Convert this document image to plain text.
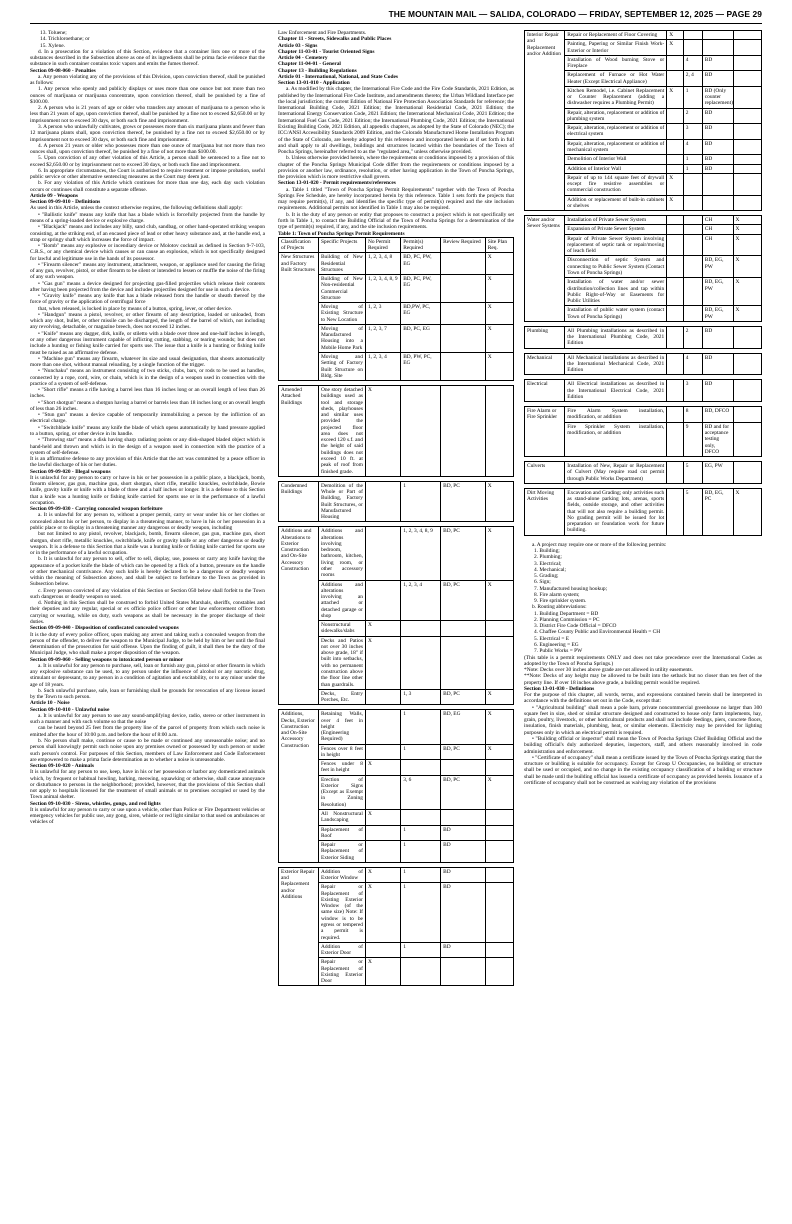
THE MOUNTAIN MAIL — SALIDA, COLORADO — FRIDAY, SEPTEMBER 12, 2025 — PAGE 29

13. Toluene;

14. Trichloroethane; or

15. Xylene.

d. In a prosecution for a violation of this Section, evidence that a container lists one or more of the substances described in the Subsection above as one of its ingredients shall be prima facie evidence that the substance in such container contains toxic vapors and emits the fumes thereof.

Section 09-08-060 - Penalties

a. Any person violating any of the provisions of this Division, upon conviction thereof, shall be punished as follows:

1. Any person who openly and publicly displays or uses more than one ounce but not more than two ounces of marijuana or marijuana concentrate, upon conviction thereof, shall be punished by a fine of $100.00.

2. A person who is 21 years of age or older who transfers any amount of marijuana to a person who is less than 21 years of age, upon conviction thereof, shall be punished by a fine not to exceed $2,650.00 or by imprisonment not to exceed 30 days, or both such fine and imprisonment.

3. A person who unlawfully cultivates, grows or possesses more than six marijuana plants and fewer than 12 marijuana plants shall, upon conviction thereof, be punished by a fine not to exceed $2,650.00 or by imprisonment not to exceed 30 days, or both such fine and imprisonment.

4. A person 21 years or older who possesses more than one ounce of marijuana but not more than two ounces shall, upon conviction thereof, be punished by a fine of not more than $100.00.

5. Upon conviction of any other violation of this Article, a person shall be sentenced to a fine not to exceed $2,650.00 or by imprisonment not to exceed 30 days, or both such fine and imprisonment.

6. In appropriate circumstances, the Court is authorized to require treatment or impose probation, useful public service or other alternative sentencing measures as the Court may deem just.

b. For any violation of this Article which continues for more than one day, each day such violation occurs or continues shall constitute a separate offense.

Article 09 - Weapons

Section 09-09-010 - Definitions

As used in this Article, unless the context otherwise requires, the following definitions shall apply:

• "Ballistic knife" means any knife that has a blade which is forcefully projected from the handle by means of a spring-loaded device or explosive charge.

• "Blackjack" means and includes any billy, sand club, sandbag, or other hand-operated striking weapon consisting, at the striking end, of an encased piece of lead or other heavy substance and, at the handle end, a strap or springy shaft which increases the force of impact.

• "Bomb" means any explosive or incendiary device or Molotov cocktail as defined in Section 9-7-103, C.R.S., or any chemical device which causes or can cause an explosion, which is not specifically designed for lawful and legitimate use in the hands of its possessor.

• "Firearm silencer" means any instrument, attachment, weapon, or appliance used for causing the firing of any gun, revolver, pistol, or other firearm to be silent or intended to lessen or muffle the noise of the firing of any such weapon.

• "Gas gun" means a device designed for projecting gas-filled projectiles which release their contents after having been projected from the device and includes projectiles designed for use in such a device.

• "Gravity knife" means any knife that has a blade released from the handle or sheath thereof by the force of gravity or the application of centrifugal force

that, when released, is locked in place by means of a button, spring, lever, or other device.

• "Handgun" means a pistol, revolver, or other firearm of any description, loaded or unloaded, from which any shot, bullet, or other missile can be discharged, the length of the barrel of which, not including any revolving, detachable, or magazine breech, does not exceed 12 inches.

• "Knife" means any dagger, dirk, knife, or stiletto with a blade over three and one-half inches in length, or any other dangerous instrument capable of inflicting cutting, stabbing, or tearing wounds; but does not include a hunting or fishing knife carried for sports use. The issue that a knife is a hunting or fishing knife must be raised as an affirmative defense.

• "Machine gun" means any firearm, whatever its size and usual designation, that shoots automatically more than one shot, without manual reloading, by a single function of the trigger.

• "Nunchaku" means an instrument consisting of two sticks, clubs, bars, or rods to be used as handles, connected by a rope, cord, wire, or chain, which is in the design of a weapon used in connection with the practice of a system of self-defense.

• "Short rifle" means a rifle having a barrel less than 16 inches long or an overall length of less than 26 inches.

• "Short shotgun" means a shotgun having a barrel or barrels less than 18 inches long or an overall length of less than 26 inches.

• "Stun gun" means a device capable of temporarily immobilizing a person by the infliction of an electrical charge.

• "Switchblade knife" means any knife the blade of which opens automatically by hand pressure applied to a button, spring, or other device in its handle.

• "Throwing star" means a disk having sharp radiating points or any disk-shaped bladed object which is hand-held and thrown and which is in the design of a weapon used in connection with the practice of a system of self-defense.

It is an affirmative defense to any provision of this Article that the act was committed by a peace officer in the lawful discharge of his or her duties.

Section 09-09-020 - Illegal weapons

It is unlawful for any person to carry or have in his or her possession in a public place, a blackjack, bomb, firearm silencer, gas gun, machine gun, short shotgun, short rifle, metallic knuckles, switchblade, Bowie knife, gravity knife or knife with a blade of three and a half inches or longer. It is a defense to this Section that a knife was a hunting knife or fishing knife carried for sports use or in the performance of a lawful occupation.

Section 09-09-030 - Carrying concealed weapon forfeiture

a. It is unlawful for any person to, without a proper permit, carry or wear under his or her clothes or concealed about his or her person, to display in a threatening manner, to have in his or her possession in a public place or to display in a threatening manner any dangerous or deadly weapon, including

but not limited to any pistol, revolver, blackjack, bomb, firearm silencer, gas gun, machine gun, short shotgun, short rifle, metallic knuckles, switchblade, knife or gravity knife or any other dangerous or deadly weapon. It is a defense to this Section that a knife was a hunting knife or fishing knife carried for sports use or in the performance of a lawful occupation.

b. It is unlawful for any person to sell, offer to sell, display, use, possess or carry any knife having the appearance of a pocket knife the blade of which can be opened by a flick of a button, pressure on the handle or other mechanical contrivance. Any such knife is hereby declared to be a dangerous or deadly weapon within the meaning of Subsection above, and shall be subject to forfeiture to the Town as provided in Subsection below.

c. Every person convicted of any violation of this Section or Section 050 below shall forfeit to the Town such dangerous or deadly weapon so used.

d. Nothing in this Section shall be construed to forbid United States Marshals, sheriffs, constables and their deputies and any regular, special or ex officio police officer or other law enforcement officer from carrying or wearing, while on duty, such weapons as shall be necessary in the proper discharge of their duties.

Section 09-09-040 - Disposition of confiscated concealed weapons

It is the duty of every police officer, upon making any arrest and taking such a concealed weapon from the person of the offender, to deliver the weapon to the Municipal Judge, to be held by him or her until the final determination of the prosecution for said offense. Upon the finding of guilt, it shall then be the duty of the Municipal Judge, who shall make a proper disposition of the weapon.

Section 09-09-060 - Selling weapons to intoxicated person or minor

a. It is unlawful for any person to purchase, sell, loan or furnish any gun, pistol or other firearm in which any explosive substance can be used, to any person under the influence of alcohol or any narcotic drug, stimulant or depressant, to any person in a condition of agitation and excitability, or to any minor under the age of 18 years.

b. Such unlawful purchase, sale, loan or furnishing shall be grounds for revocation of any license issued by the Town to such person.

Article 10 - Noise

Section 09-10-010 - Unlawful noise

a. It is unlawful for any person to use any sound-amplifying device, radio, stereo or other instrument in such a manner and with such volume so that the noise

can be heard beyond 25 feet from the property line of the parcel of property from which such noise is emitted after the hour of 10:00 p.m. and before the hour of 8:00 a.m.

b. No person shall make, continue or cause to be made or continued any unreasonable noise; and no person shall knowingly permit such noise upon any premises owned or possessed by such person or under such person's control. For purposes of this Section, members of Law Enforcement and Code Enforcement are empowered to make a prima facie determination as to whether a noise is unreasonable.

Section 09-10-020 - Animals

It is unlawful for any person to use, keep, have in his or her possession or harbor any domesticated animals which, by frequent or habitual howling, barking, meowing, squawking or otherwise, shall cause annoyance or disturbance to persons in the neighborhood; provided, however, that the provisions of this Section shall not apply to hospitals licensed for the treatment of small animals or to premises occupied or used by the Town animal shelter.

Section 09-10-030 - Sirens, whistles, gongs, and red lights

It is unlawful for any person to carry or use upon a vehicle, other than Police or Fire Department vehicles or emergency vehicles for public use, any gong, siren, whistle or red light similar to that used on ambulances or vehicles of

Law Enforcement and Fire Departments.

Chapter 11 - Streets, Sidewalks and Public Places

Article 03 - Signs

Chapter 11-03-01 - Tourist Oriented Signs

Article 04 - Cemetery

Chapter 11-04-01 - General

Chapter 13 - Building Regulations

Article 01 - International, National, and State Codes

Section 13-01-010 - Application

a. As modified by this chapter, the International Fire Code and the Fire Code Standards, 2021 Edition, as published by the International Fire Code Institute, and amendments thereto; the Urban Wildland Interface per the local jurisdiction; the current Edition of National Fire Protection Association Standards for reference; the International Building Code, 2021 Edition; the International Residential Code, 2021 Edition; the International Energy Conservation Code, 2021 Edition; the International Mechanical Code, 2021 Edition; the International Fuel Gas Code, 2021 Edition; the International Plumbing Code, 2021 Edition; the International Existing Building Code, 2021 Edition, all appendix chapters, as adopted by the State of Colorado (NEC); the ICC/ANSI Accessibility Standards 2009 Edition, and the Colorado Manufactured Home Installation Program of the State of Colorado, are hereby adopted by this reference and incorporated herein as if set forth in full and shall apply to all dwellings, buildings and structures located within the boundaries of the Town of Poncha Springs, hereinafter referred to as the "regulated area," unless otherwise provided.

b. Unless otherwise provided herein, where the requirements or conditions imposed by a provision of this chapter of the Poncha Springs Municipal Code differ from the requirements or conditions imposed by a provision or another law, ordinance, resolution, or other having application in the Town of Poncha Springs, the provision which is more restrictive shall govern.

Section 13-01-020 - Permit requirements/references

a. Table 1 titled "Town of Poncha Springs Permit Requirements" together with the Town of Poncha Springs Fee Schedule, are hereby incorporated herein by this reference. Table 1 sets forth the projects that may require permit(s), if any, and identifies the specific type of permit(s) required and the site inclusion requirements. Additional permits not identified in Table 1 may also be required.

b. It is the duty of any person or entity that proposes to construct a project which is not specifically set forth in Table 1, to contact the Building Official of the Town of Poncha Springs for a determination of the type of permit(s) required, if any, and the site inclusion requirements.

Table 1: Town of Poncha Springs Permit Requirements

Classification of Projects	Specific Projects	No Permit Required	Permit(s) Required	Review Required	Site Plan Req.
New Structures and Factory Built Structures	Building of New Residential Structures	1, 2, 3, 4, 8	BD, PC, PW, EG		X
	Building of New Non-residential Commercial Structure	1, 2, 3, 4, 8, 9	BD, PC, PW, EG		X
	Moving of Existing Structure to New Location	1, 2, 3	BD,PW, PC, EG		X
	Moving of Manufactured Housing into a Mobile Home Park	1, 2, 3, 7	BD, PC, EG		X
	Moving and Setting of Factory Built Structure on Bldg. Site	1, 2, 3, 4	BD, PW, PC, EG		X

Amended Attached Buildings	One story detached buildings used as tool and storage sheds, playhouses and similar uses provided the projected floor area does not exceed 120 s.f. and the height of said buildings does not exceed 10 ft. at peak of roof from finished grade.	X			

Condemned Buildings	Demolition of the Whole or Part of Building, Factory Built Structures, or Manufactured Housing		1	BD, PC	X

Additions and Alterations to Exterior Construction and On-Site Accessory Construction	Additions and alterations involving bedroom, bathroom, kitchen, living room, or other accessory rooms		1, 2, 3, 4, 8, 9	BD, PC	X
	Additions and alterations involving an attached or detached garage or shop		1, 2, 3, 4	BD, PC	X
	Nonstructural sidewalks/slabs	X			
	Decks and Patios not over 30 inches above grade, 18" if built into setbacks, with no permanent construction above the floor line other than guardrails.	X			
	Decks, Entry Porches, Etc.		1, 3	BD, PC	X

Additions, Decks, Exterior Construction and On-Site Accessory Construction	Retaining Walls, over 4 feet in height (Engineering Required)		1	BD, EG	X
	Fences over 8 feet in height		1	BD, PC	X
	Fences under 8 feet in height	X			
	Erection of Exterior Signs (Except as Exempt in Zoning Resolution)		3, 6	BD, PC	X
	All Nonstructural Landscaping	X			
	Replacement of Roof		1	BD	
	Repair or Replacement of Exterior Siding		1	BD	

Exterior Repair and Replacement and/or Additions	Addition of Exterior Window	X	1	BD	
	Repair or Replacement of Existing Exterior Window (of the same size) Note: If window is to be egress or tempered a permit is required.	X	1	BD	
	Addition of Exterior Door		1	BD	
	Repair or Replacement of Existing Exterior Door	X			
Interior Repair and Replacement and/or Addition	Repair or Replacement of Floor Covering	X			
	Painting, Papering or Similar Finish Work-Exterior or Interior	X			
	Installation of Wood burning Stove or Fireplace		4	BD	
	Replacement of Furnace or Hot Water Heater (Except Electrical Appliance)		2, 4	BD	
	Kitchen Remodel, i.e. Cabinet Replacement or Counter Replacement (adding a dishwasher requires a Plumbing Permit)	X	1	BD (Only counter replacement)	
	Repair, alteration, replacement or addition of plumbing system		2	BD	
	Repair, alteration, replacement or addition of electrical system		3	BD	
	Repair, alteration, replacement or addition of mechanical system		4	BD	
	Demolition of Interior Wall		1	BD	
	Addition of Interior Wall		1	BD	
	Repair of up to 144 square feet of drywall except fire resistive assemblies or commercial construction	X			
	Addition or replacement of built-in cabinets or shelves	X			

Water and/or Sewer Systems	Installation of Private Sewer System			CH	X
	Expansion of Private Sewer System			CH	X
	Repair of Private Sewer System involving replacement of septic tank or repair/moving of leach field			CH	X
	Disconnection of septic System and connecting to Public Sewer System (Contact Town of Poncha Springs)			BD, EG, PW	X
	Installation of water and/or sewer distribution/collection lines and tap within Public Right-of-Way or Easements for Public Utilities			BD, EG, PW	X
	Installation of public water system (contact Town of Poncha Springs)			BD, EG, PW	X

Plumbing	All Plumbing installations as described in the International Plumbing Code, 2021 Edition		2	BD	

Mechanical	All Mechanical installations as described in the International Mechanical Code, 2021 Edition		4	BD	

Electrical	All Electrical installations as described in the International Electrical Code, 2021 Edition		3	BD	

Fire Alarm or Fire Sprinkler	Fire Alarm System installation, modification, or addition		8	BD, DFCO	
	Fire Sprinkler System installation, modification, or addition		9	BD and for acceptance testing only, DFCO	

Culverts	Installation of New, Repair or Replacement of Culvert (May require road cut permit through Public Works Department)		5	EG, PW	

Dirt Moving Activities	Excavation and Grading; only activities such as stand-alone parking lots, arenas, sports fields, outside storage, and other activities that will not also require a building permit. No grading permit will be issued for lot preparation or foundation work for future building.		5	BD, EG, PC	X

a. A project may require one or more of the following permits:

1. Building;

2. Plumbing;

3. Electrical;

4. Mechanical;

5. Grading;

6. Sign;

7. Manufactured housing hookup;

8. Fire alarm system;

9. Fire sprinkler system.

b. Routing abbreviations:

1. Building Department = BD

2. Planning Commission = PC

3. District Fire Code Official = DFCO

4. Chaffee County Public and Environmental Health = CH

5. Electrical = E

6. Engineering = EG

7. Public Works = PW

(This table is a permit requirements ONLY and does not take precedence over the International Codes as adopted by the Town of Poncha Springs.)

*Note: Decks over 30 inches above grade are not allowed in utility easements.

**Note: Decks of any height may be allowed to be built into the setback but no closer than ten feet of the property line. If over 18 inches above grade, a building permit would be required.

Section 13-01-030 - Definitions

For the purpose of this chapter, all words, terms, and expressions contained herein shall be interpreted in accordance with the definitions set out in the Code, except that:

• "Agricultural building" shall mean a pole barn, private noncommercial greenhouse no larger than 300 square feet in size, shed or similar structure designed and constructed to house only farm implements, hay, grain, poultry, livestock, or other horticultural products and shall not include feedings, piers, concrete floors, insulation, finish materials, plumbing, heat, or similar elements. Electricity may be provided for lighting purposes only in which an electrical permit is required.

• "Building official or inspector" shall mean the Town of Poncha Springs Chief Building Official and the building official's duly authorized deputies, inspectors, staff, and others reasonably involved in code administration and enforcement.

• "Certificate of occupancy" shall mean a certificate issued by the Town of Poncha Springs stating that the structure or building is suitable for occupancy. Except for Group U Occupancies, no building or structure shall be used or occupied, and no change in the existing occupancy classification of a building or structure shall be made until the building official has issued a certificate of occupancy as provided herein. Issuance of a certificate of occupancy shall not be construed as waiving any violation of the provisions
